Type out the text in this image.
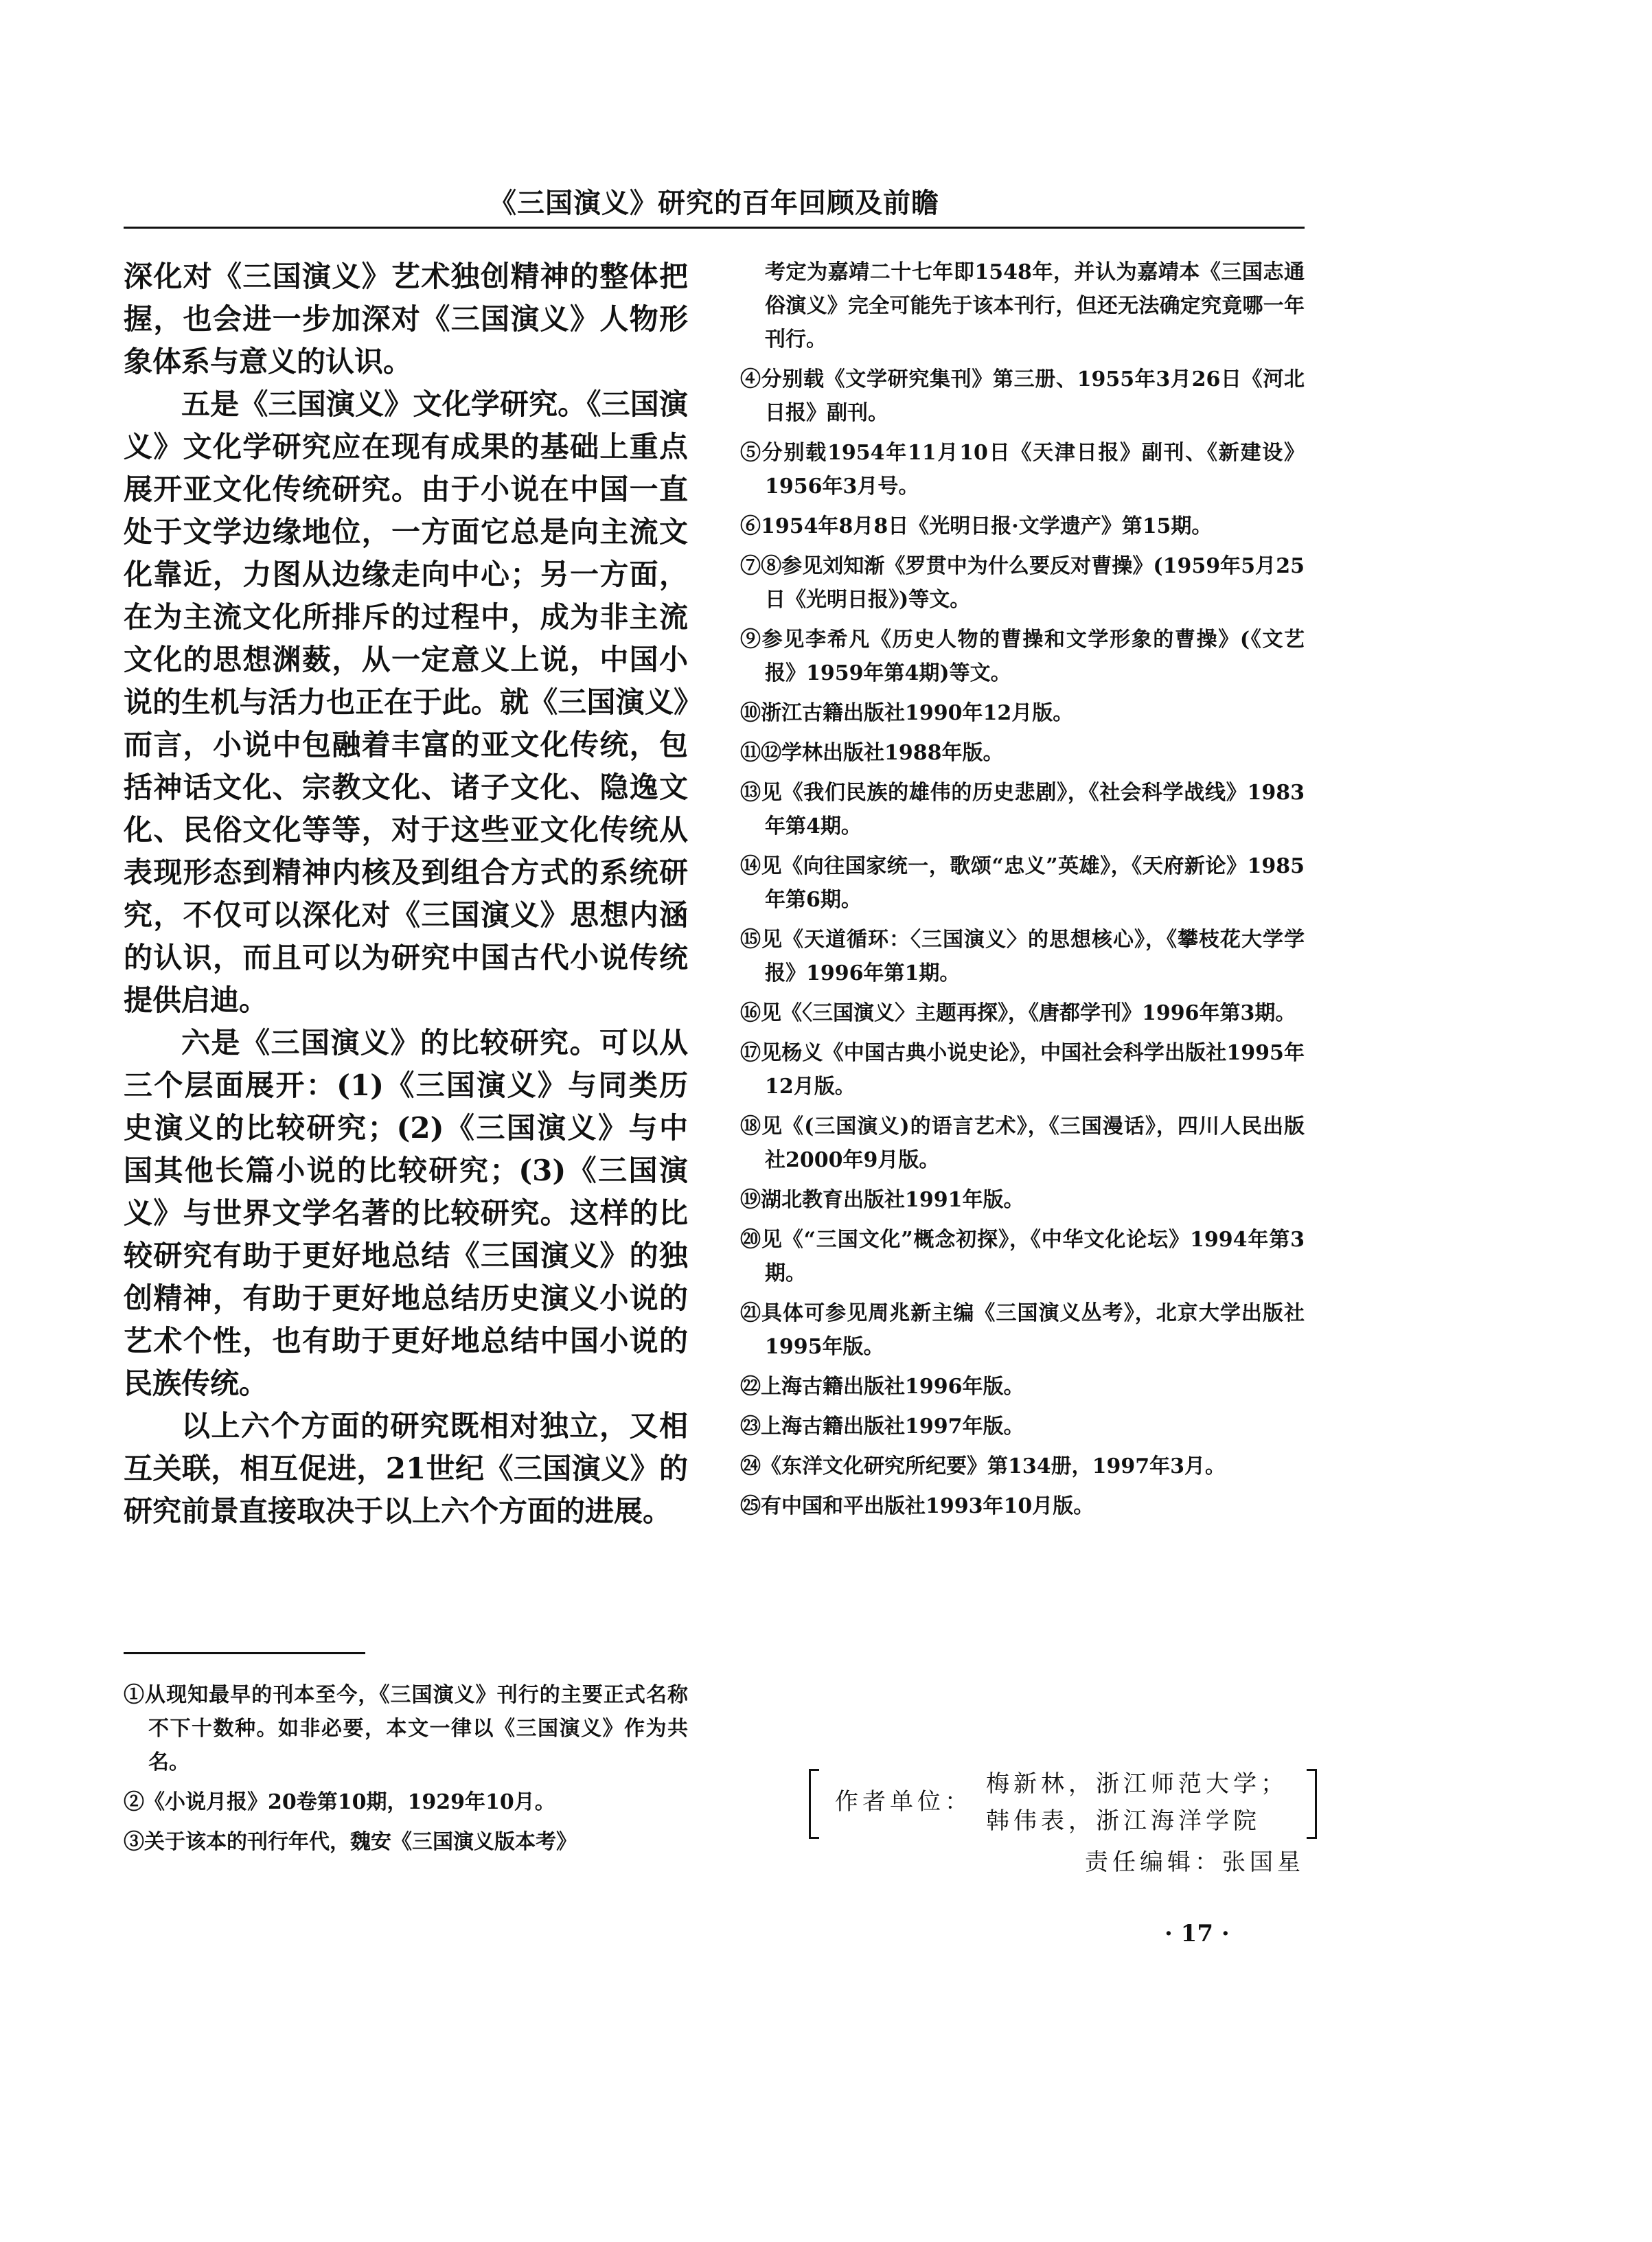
《三国演义》研究的百年回顾及前瞻

深化对《三国演义》艺术独创精神的整体把握，也会进一步加深对《三国演义》人物形象体系与意义的认识。

五是《三国演义》文化学研究。《三国演义》文化学研究应在现有成果的基础上重点展开亚文化传统研究。由于小说在中国一直处于文学边缘地位，一方面它总是向主流文化靠近，力图从边缘走向中心；另一方面，在为主流文化所排斥的过程中，成为非主流文化的思想渊薮，从一定意义上说，中国小说的生机与活力也正在于此。就《三国演义》而言，小说中包融着丰富的亚文化传统，包括神话文化、宗教文化、诸子文化、隐逸文化、民俗文化等等，对于这些亚文化传统从表现形态到精神内核及到组合方式的系统研究，不仅可以深化对《三国演义》思想内涵的认识，而且可以为研究中国古代小说传统提供启迪。

六是《三国演义》的比较研究。可以从三个层面展开：(1)《三国演义》与同类历史演义的比较研究；(2)《三国演义》与中国其他长篇小说的比较研究；(3)《三国演义》与世界文学名著的比较研究。这样的比较研究有助于更好地总结《三国演义》的独创精神，有助于更好地总结历史演义小说的艺术个性，也有助于更好地总结中国小说的民族传统。

以上六个方面的研究既相对独立，又相互关联，相互促进，21世纪《三国演义》的研究前景直接取决于以上六个方面的进展。

①从现知最早的刊本至今，《三国演义》刊行的主要正式名称不下十数种。如非必要，本文一律以《三国演义》作为共名。

②《小说月报》20卷第10期，1929年10月。

③关于该本的刊行年代，魏安《三国演义版本考》

考定为嘉靖二十七年即1548年，并认为嘉靖本《三国志通俗演义》完全可能先于该本刊行，但还无法确定究竟哪一年刊行。

④分别载《文学研究集刊》第三册、1955年3月26日《河北日报》副刊。

⑤分别载1954年11月10日《天津日报》副刊、《新建设》1956年3月号。

⑥1954年8月8日《光明日报·文学遗产》第15期。

⑦⑧参见刘知渐《罗贯中为什么要反对曹操》(1959年5月25日《光明日报》)等文。

⑨参见李希凡《历史人物的曹操和文学形象的曹操》(《文艺报》1959年第4期)等文。

⑩浙江古籍出版社1990年12月版。

⑪⑫学林出版社1988年版。

⑬见《我们民族的雄伟的历史悲剧》，《社会科学战线》1983年第4期。

⑭见《向往国家统一，歌颂“忠义”英雄》，《天府新论》1985年第6期。

⑮见《天道循环：〈三国演义〉的思想核心》，《攀枝花大学学报》1996年第1期。

⑯见《〈三国演义〉主题再探》，《唐都学刊》1996年第3期。

⑰见杨义《中国古典小说史论》，中国社会科学出版社1995年12月版。

⑱见《(三国演义)的语言艺术》，《三国漫话》，四川人民出版社2000年9月版。

⑲湖北教育出版社1991年版。

⑳见《“三国文化”概念初探》，《中华文化论坛》1994年第3期。

㉑具体可参见周兆新主编《三国演义丛考》，北京大学出版社1995年版。

㉒上海古籍出版社1996年版。

㉓上海古籍出版社1997年版。

㉔《东洋文化研究所纪要》第134册，1997年3月。

㉕有中国和平出版社1993年10月版。

作者单位：
梅新林，浙江师范大学；
韩伟表，浙江海洋学院
责任编辑：张国星
· 17 ·
